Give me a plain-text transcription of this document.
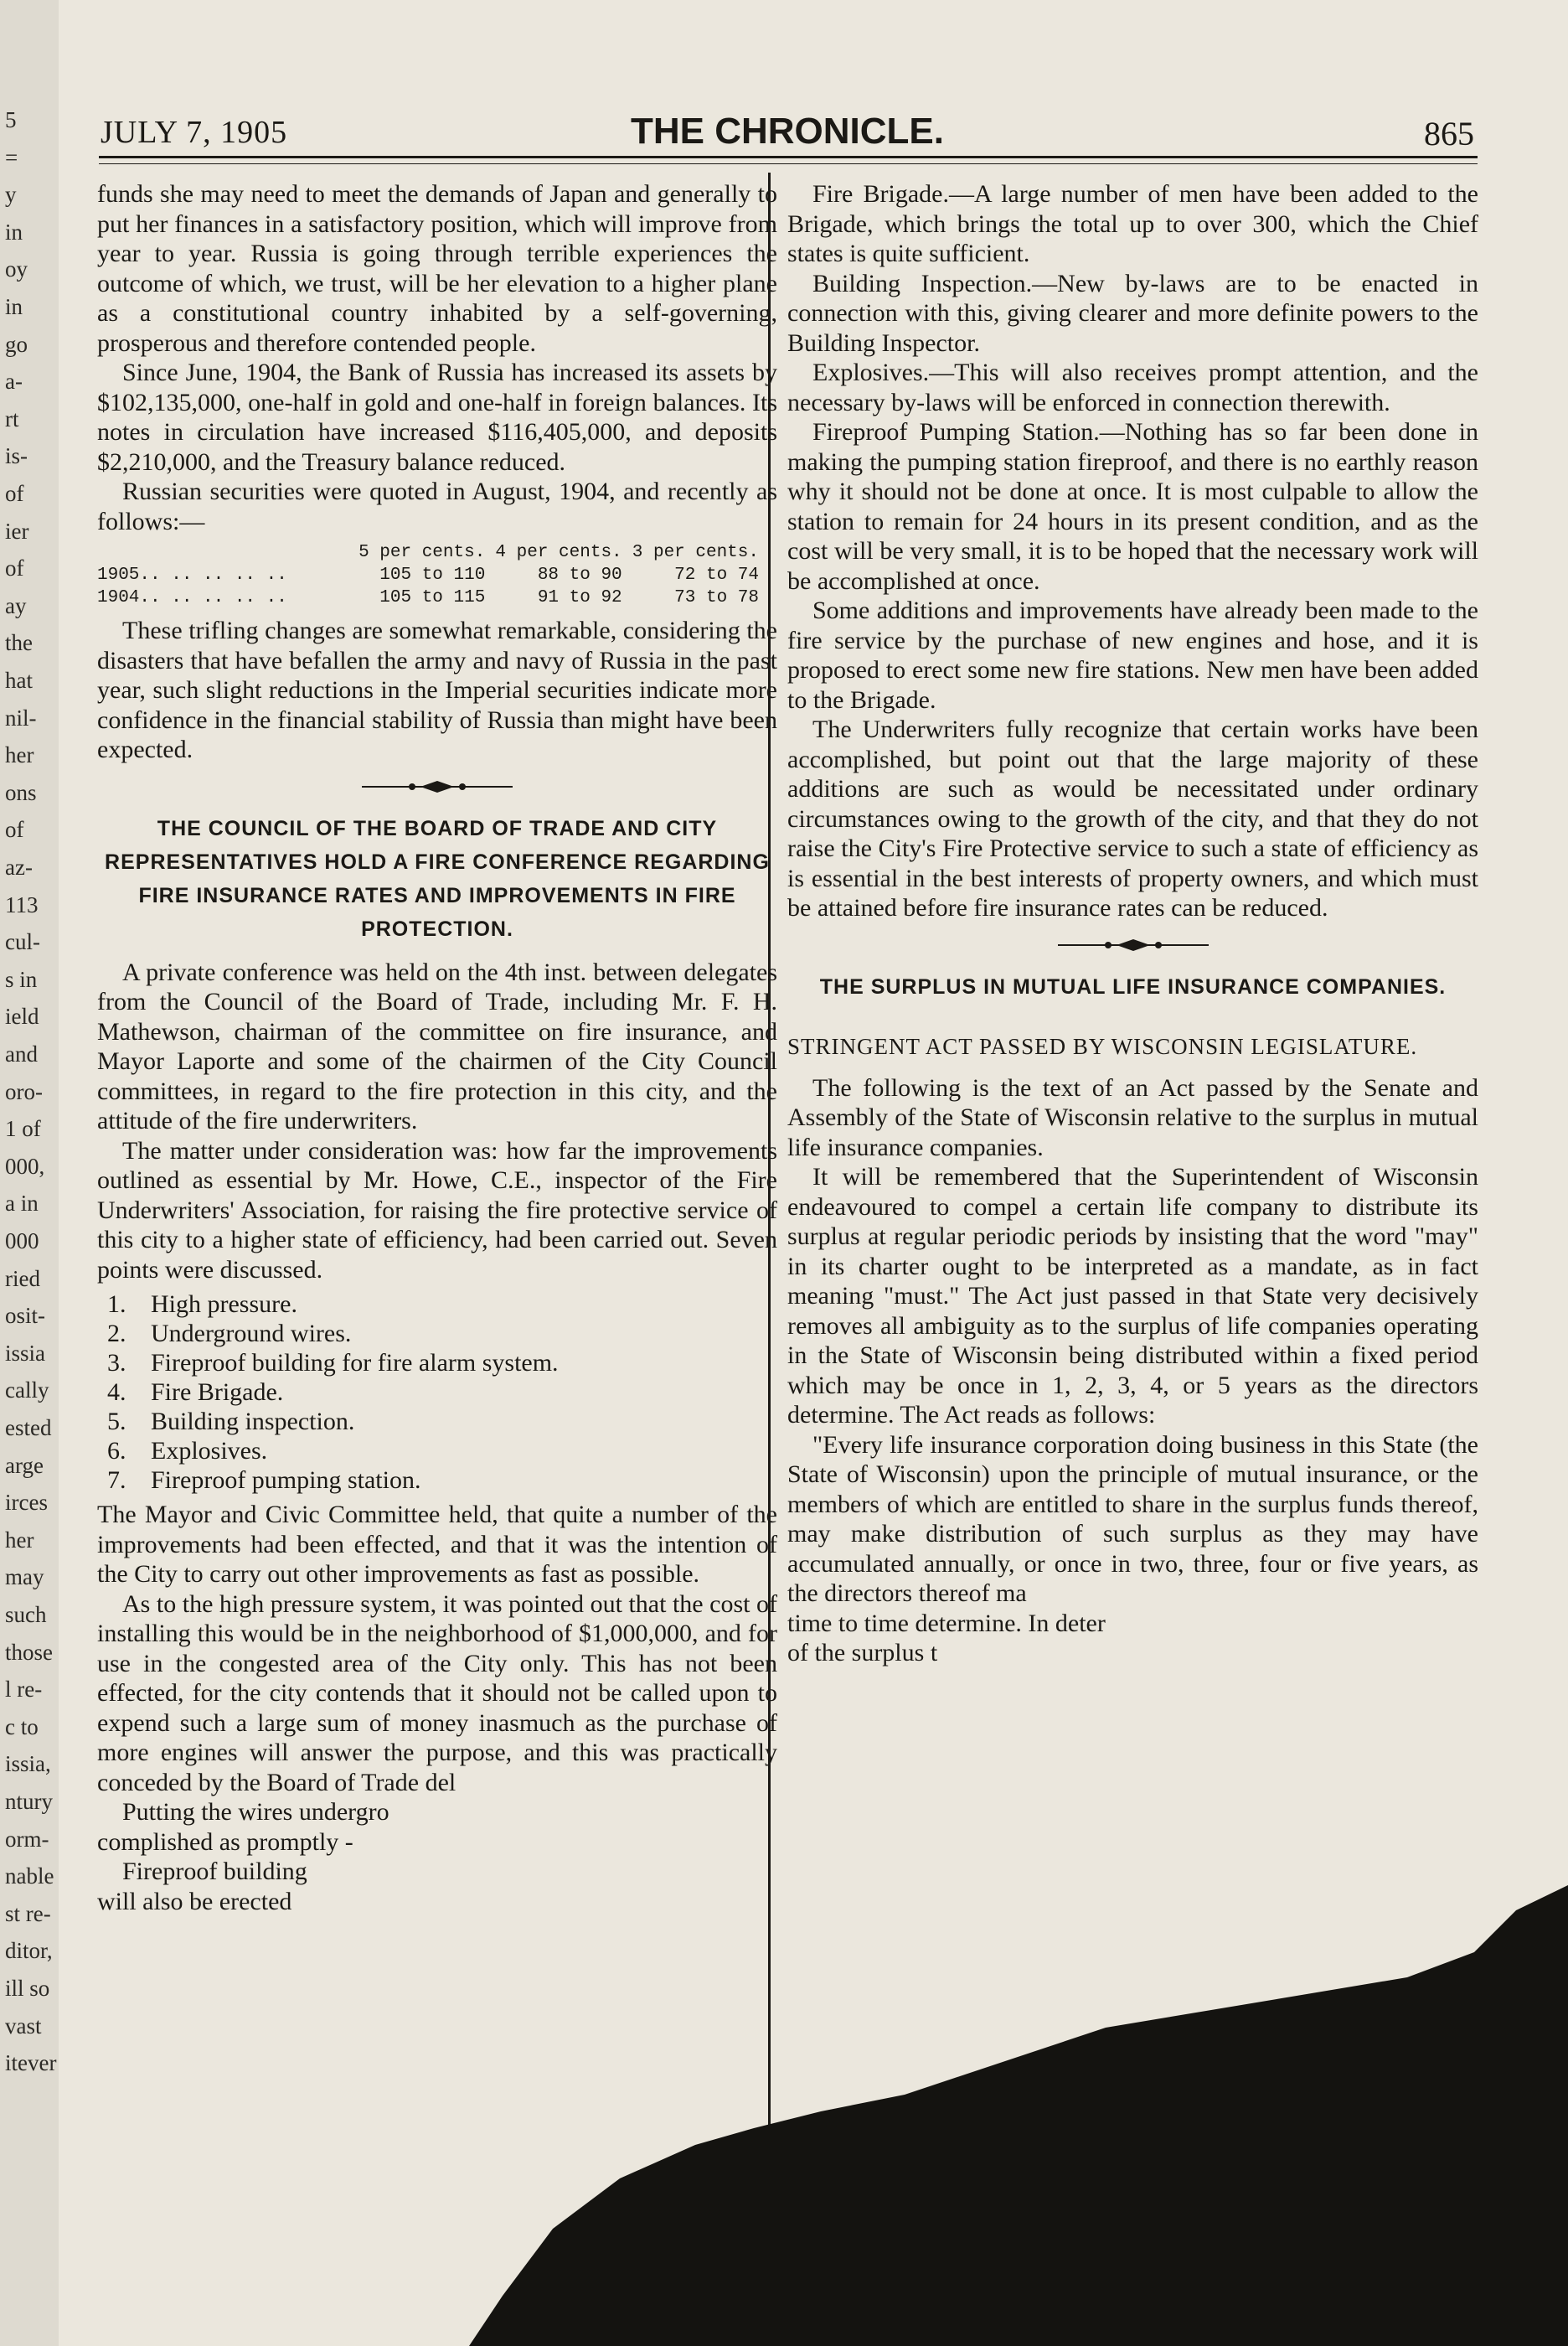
5
=
y
in
oy
in
go
a-
rt
is-
of
ier
of
ay
the
hat
nil-
her
ons
of
az-
113
cul-
s in
ield
and
oro-
1 of
000,
a in
000
ried
osit-
issia
cally
ested
arge
irces
her
may
such
those
l re-
c to
issia,
ntury
orm-
nable
st re-
ditor,
ill so
vast
itever
JULY 7, 1905	THE CHRONICLE.	865

funds she may need to meet the demands of Japan and generally to put her finances in a satisfactory position, which will improve from year to year. Russia is going through terrible experiences the outcome of which, we trust, will be her elevation to a higher plane as a constitutional country inhabited by a self-governing, prosperous and therefore contended people.

Since June, 1904, the Bank of Russia has increased its assets by $102,135,000, one-half in gold and one-half in foreign balances. Its notes in circulation have increased $116,405,000, and deposits $2,210,000, and the Treasury balance reduced.

Russian securities were quoted in August, 1904, and recently as follows:—

	5 per cents.	4 per cents.	3 per cents.
1905.. .. .. .. ..	105 to 110	88 to 90	72 to 74
1904.. .. .. .. ..	105 to 115	91 to 92	73 to 78

These trifling changes are somewhat remarkable, considering the disasters that have befallen the army and navy of Russia in the past year, such slight reductions in the Imperial securities indicate more confidence in the financial stability of Russia than might have been expected.

THE COUNCIL OF THE BOARD OF TRADE AND CITY REPRESENTATIVES HOLD A FIRE CONFERENCE REGARDING FIRE INSURANCE RATES AND IMPROVEMENTS IN FIRE PROTECTION.

A private conference was held on the 4th inst. between delegates from the Council of the Board of Trade, including Mr. F. H. Mathewson, chairman of the committee on fire insurance, and Mayor Laporte and some of the chairmen of the City Council committees, in regard to the fire protection in this city, and the attitude of the fire underwriters.

The matter under consideration was: how far the improvements outlined as essential by Mr. Howe, C.E., inspector of the Fire Underwriters' Association, for raising the fire protective service of this city to a higher state of efficiency, had been carried out. Seven points were discussed.

1. High pressure.
2. Underground wires.
3. Fireproof building for fire alarm system.
4. Fire Brigade.
5. Building inspection.
6. Explosives.
7. Fireproof pumping station.

The Mayor and Civic Committee held, that quite a number of the improvements had been effected, and that it was the intention of the City to carry out other improvements as fast as possible.

As to the high pressure system, it was pointed out that the cost of installing this would be in the neighborhood of $1,000,000, and for use in the congested area of the City only. This has not been effected, for the city contends that it should not be called upon to expend such a large sum of money inasmuch as the purchase of more engines will answer the purpose, and this was practically conceded by the Board of Trade del

Putting the wires undergro

complished as promptly -

Fireproof building

will also be erected

Fire Brigade.—A large number of men have been added to the Brigade, which brings the total up to over 300, which the Chief states is quite sufficient.

Building Inspection.—New by-laws are to be enacted in connection with this, giving clearer and more definite powers to the Building Inspector.

Explosives.—This will also receives prompt attention, and the necessary by-laws will be enforced in connection therewith.

Fireproof Pumping Station.—Nothing has so far been done in making the pumping station fireproof, and there is no earthly reason why it should not be done at once. It is most culpable to allow the station to remain for 24 hours in its present condition, and as the cost will be very small, it is to be hoped that the necessary work will be accomplished at once.

Some additions and improvements have already been made to the fire service by the purchase of new engines and hose, and it is proposed to erect some new fire stations. New men have been added to the Brigade.

The Underwriters fully recognize that certain works have been accomplished, but point out that the large majority of these additions are such as would be necessitated under ordinary circumstances owing to the growth of the city, and that they do not raise the City's Fire Protective service to such a state of efficiency as is essential in the best interests of property owners, and which must be attained before fire insurance rates can be reduced.

THE SURPLUS IN MUTUAL LIFE INSURANCE COMPANIES.

STRINGENT ACT PASSED BY WISCONSIN LEGISLATURE.

The following is the text of an Act passed by the Senate and Assembly of the State of Wisconsin relative to the surplus in mutual life insurance companies.

It will be remembered that the Superintendent of Wisconsin endeavoured to compel a certain life company to distribute its surplus at regular periodic periods by insisting that the word "may" in its charter ought to be interpreted as a mandate, as in fact meaning "must." The Act just passed in that State very decisively removes all ambiguity as to the surplus of life companies operating in the State of Wisconsin being distributed within a fixed period which may be once in 1, 2, 3, 4, or 5 years as the directors determine. The Act reads as follows:

"Every life insurance corporation doing business in this State (the State of Wisconsin) upon the principle of mutual insurance, or the members of which are entitled to share in the surplus funds thereof, may make distribution of such surplus as they may have accumulated annually, or once in two, three, four or five years, as the directors thereof ma

time to time determine. In deter

of the surplus t
